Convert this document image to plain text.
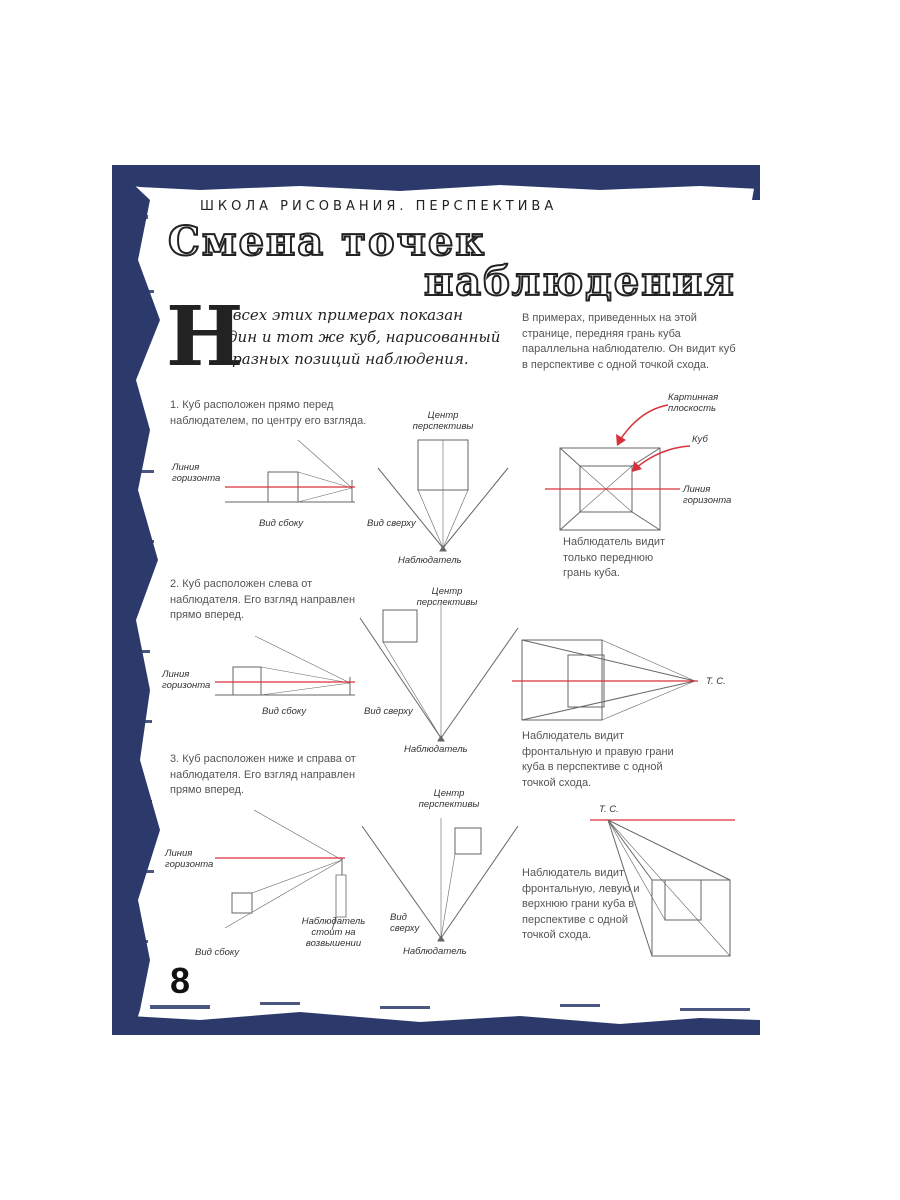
ШКОЛА РИСОВАНИЯ. ПЕРСПЕКТИВА
Смена точек
наблюдения
Н
а всех этих примерах показан один и тот же куб, нарисованный с разных позиций наблюдения.
В примерах, приведенных на этой странице, передняя грань куба параллельна наблюдателю. Он видит куб в перспективе с одной точкой схода.
1. Куб расположен прямо перед наблюдателем, по центру его взгляда.
Линия горизонта
Вид сбоку	Вид сверху
Центр перспективы
Наблюдатель
Картинная плоскость
Куб
Линия горизонта
Наблюдатель видит только переднюю грань куба.
2. Куб расположен слева от наблюдателя. Его взгляд направлен прямо вперед.
Линия горизонта
Вид сбоку	Вид сверху
Центр перспективы
Наблюдатель
Т. С.
Наблюдатель видит фронтальную и правую грани куба в перспективе с одной точкой схода.
3. Куб расположен ниже и справа от наблюдателя. Его взгляд направлен прямо вперед.
Линия горизонта
Вид сбоку
Наблюдатель стоит на возвышении
Вид сверху
Центр перспективы
Наблюдатель
Т. С.
Наблюдатель видит фронтальную, левую и верхнюю грани куба в перспективе с одной точкой схода.
8
